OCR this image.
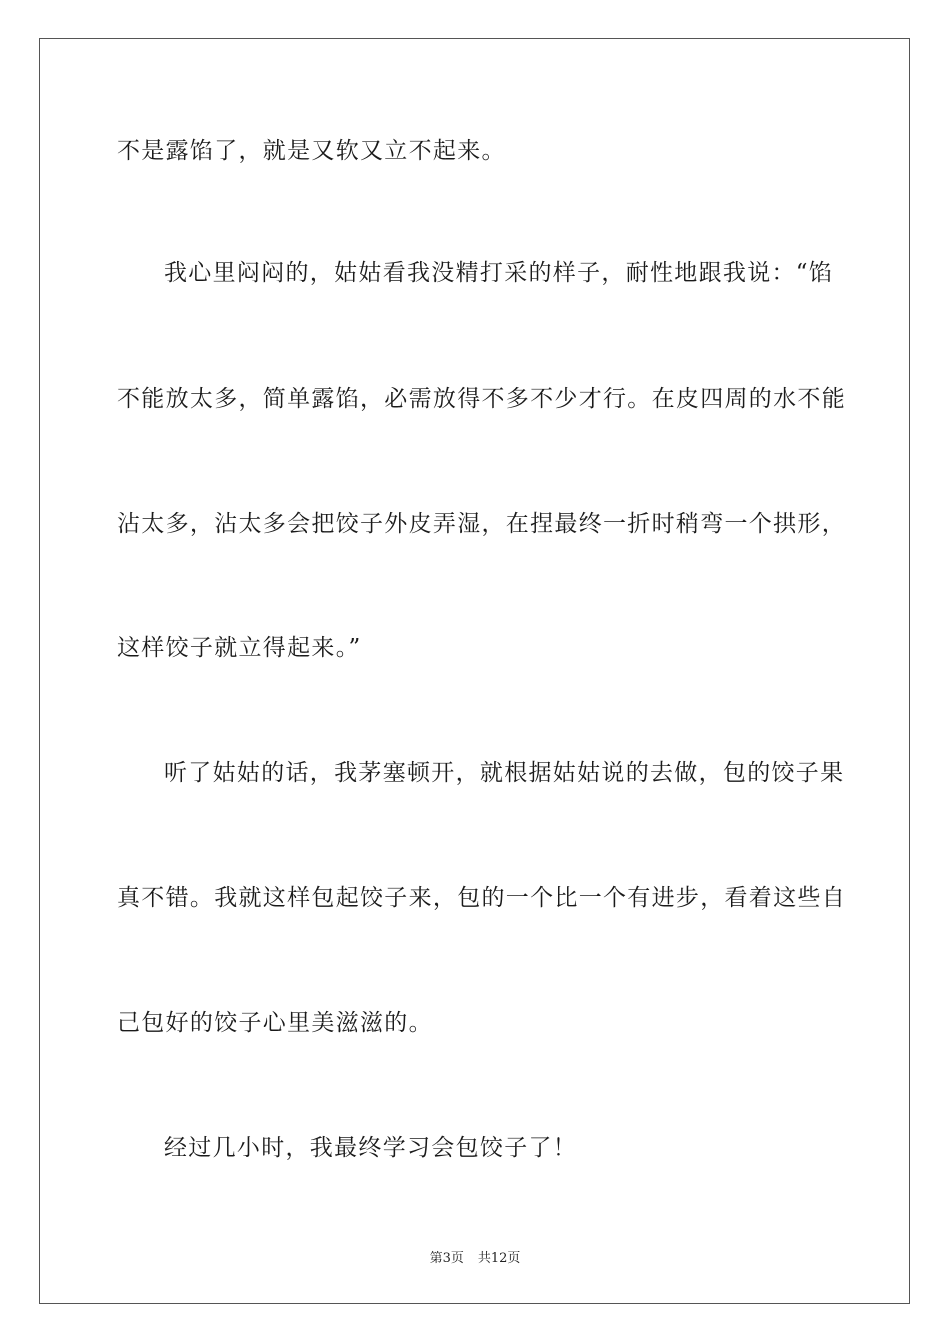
不是露馅了，就是又软又立不起来。
我心里闷闷的，姑姑看我没精打采的样子，耐性地跟我说：“馅
不能放太多，简单露馅，必需放得不多不少才行。在皮四周的水不能
沾太多，沾太多会把饺子外皮弄湿，在捏最终一折时稍弯一个拱形，
这样饺子就立得起来。”
听了姑姑的话，我茅塞顿开，就根据姑姑说的去做，包的饺子果
真不错。我就这样包起饺子来，包的一个比一个有进步，看着这些自
己包好的饺子心里美滋滋的。
经过几小时，我最终学习会包饺子了！
第3页 共12页
